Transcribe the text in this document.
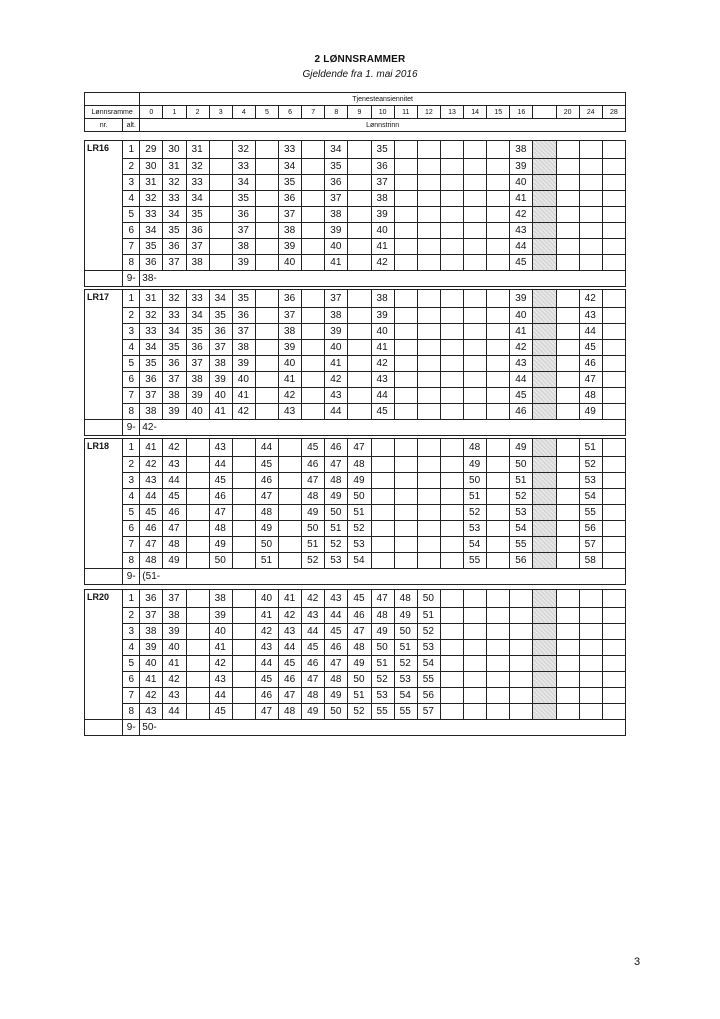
2 LØNNSRAMMER
Gjeldende fra 1. mai 2016
		Tjenesteansiennitet																				
Lønnsramme		0	1	2	3	4	5	6	7	8	9	10	11	12	13	14	15	16		20	24	28
nr.	alt.	Lønnstrinn																				
LR16	1	29	30	31		32		33		34		35						38				
	2	30	31	32		33		34		35		36						39				
	3	31	32	33		34		35		36		37						40				
	4	32	33	34		35		36		37		38						41				
	5	33	34	35		36		37		38		39						42				
	6	34	35	36		37		38		39		40						43				
	7	35	36	37		38		39		40		41						44				
	8	36	37	38		39		40		41		42						45				
	9-	38-																				
LR17	1	31	32	33	34	35		36		37		38						39			42	
	2	32	33	34	35	36		37		38		39						40			43	
	3	33	34	35	36	37		38		39		40						41			44	
	4	34	35	36	37	38		39		40		41						42			45	
	5	35	36	37	38	39		40		41		42						43			46	
	6	36	37	38	39	40		41		42		43						44			47	
	7	37	38	39	40	41		42		43		44						45			48	
	8	38	39	40	41	42		43		44		45						46			49	
	9-	42-																				
LR18	1	41	42		43		44		45	46	47					48		49			51	
	2	42	43		44		45		46	47	48					49		50			52	
	3	43	44		45		46		47	48	49					50		51			53	
	4	44	45		46		47		48	49	50					51		52			54	
	5	45	46		47		48		49	50	51					52		53			55	
	6	46	47		48		49		50	51	52					53		54			56	
	7	47	48		49		50		51	52	53					54		55			57	
	8	48	49		50		51		52	53	54					55		56			58	
	9-	(51-																				
LR20	1	36	37		38		40	41	42	43	45	47	48	50								
	2	37	38		39		41	42	43	44	46	48	49	51								
	3	38	39		40		42	43	44	45	47	49	50	52								
	4	39	40		41		43	44	45	46	48	50	51	53								
	5	40	41		42		44	45	46	47	49	51	52	54								
	6	41	42		43		45	46	47	48	50	52	53	55								
	7	42	43		44		46	47	48	49	51	53	54	56								
	8	43	44		45		47	48	49	50	52	55	55	57								
	9-	50-																				
3
